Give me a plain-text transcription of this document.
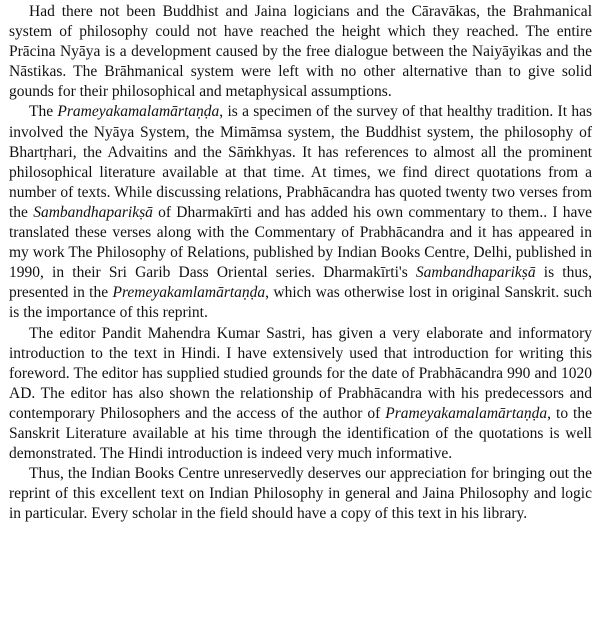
Had there not been Buddhist and Jaina logicians and the Cāravākas, the Brahmanical system of philosophy could not have reached the height which they reached. The entire Prācina Nyāya is a development caused by the free dialogue between the Naiyāyikas and the Nāstikas. The Brāhmanical system were left with no other alternative than to give solid gounds for their philosophical and metaphysical assumptions.

The Prameyakamalamārtaṇḍa, is a specimen of the survey of that healthy tradition. It has involved the Nyāya System, the Mimāmsa system, the Buddhist system, the philosophy of Bhartṛhari, the Advaitins and the Sāṁkhyas. It has references to almost all the prominent philosophical literature available at that time. At times, we find direct quotations from a number of texts. While discussing relations, Prabhācandra has quoted twenty two verses from the Sambandhaparikṣā of Dharmakīrti and has added his own commentary to them.. I have translated these verses along with the Commentary of Prabhācandra and it has appeared in my work The Philosophy of Relations, published by Indian Books Centre, Delhi, published in 1990, in their Sri Garib Dass Oriental series. Dharmakīrti's Sambandhaparikṣā is thus, presented in the Premeyakamlamārtaṇḍa, which was otherwise lost in original Sanskrit. such is the importance of this reprint.

The editor Pandit Mahendra Kumar Sastri, has given a very elaborate and informatory introduction to the text in Hindi. I have extensively used that introduction for writing this foreword. The editor has supplied studied grounds for the date of Prabhācandra 990 and 1020 AD. The editor has also shown the relationship of Prabhācandra with his predecessors and contemporary Philosophers and the access of the author of Prameyakamalamārtaṇḍa, to the Sanskrit Literature available at his time through the identification of the quotations is well demonstrated. The Hindi introduction is indeed very much informative.

Thus, the Indian Books Centre unreservedly deserves our appreciation for bringing out the reprint of this excellent text on Indian Philosophy in general and Jaina Philosophy and logic in particular. Every scholar in the field should have a copy of this text in his library.
